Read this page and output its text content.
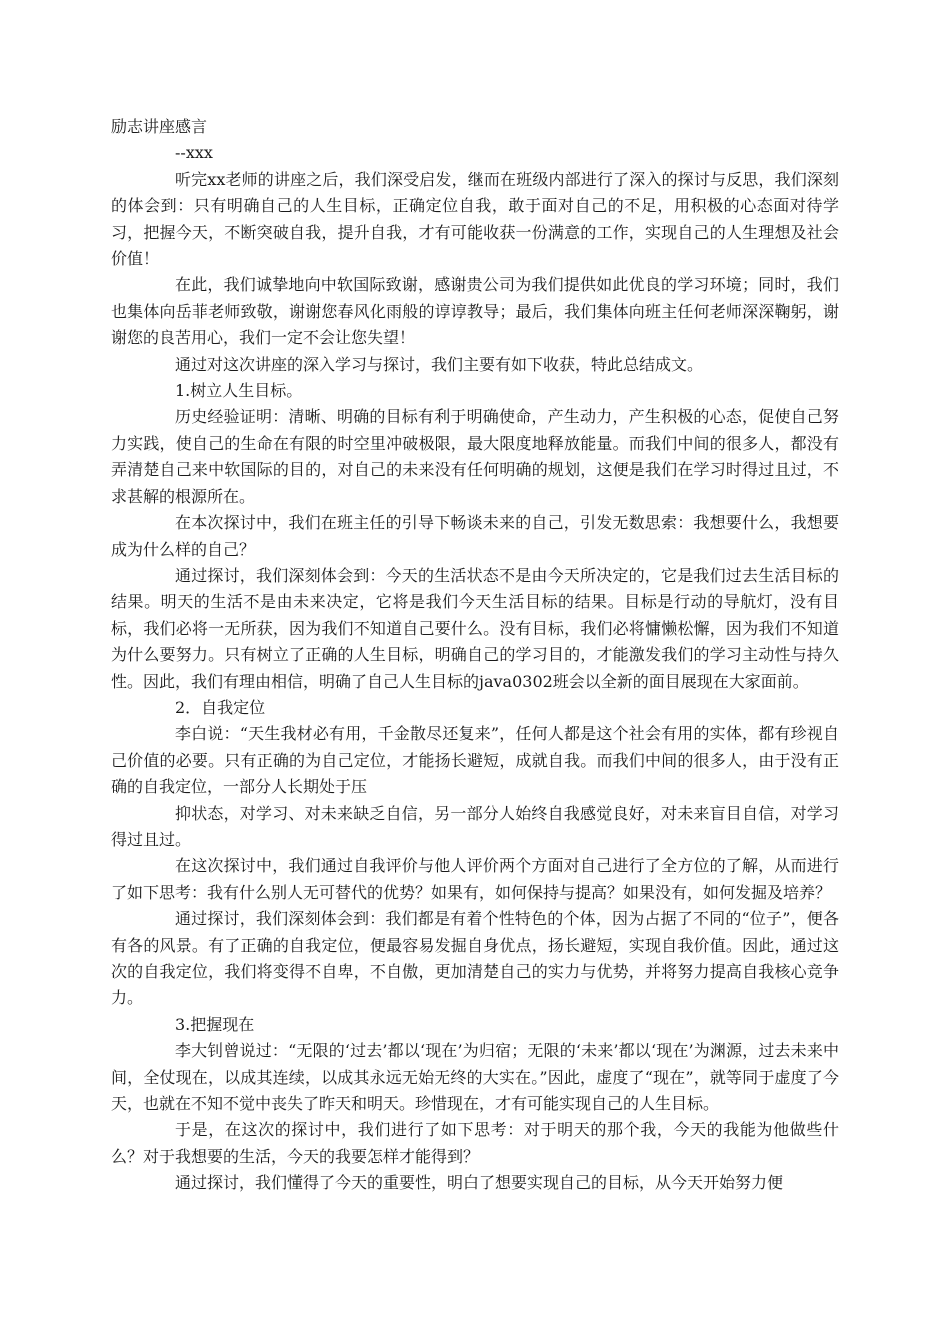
励志讲座感言

--xxx

听完xx老师的讲座之后，我们深受启发，继而在班级内部进行了深入的探讨与反思，我们深刻的体会到：只有明确自己的人生目标，正确定位自我，敢于面对自己的不足，用积极的心态面对待学习，把握今天，不断突破自我，提升自我，才有可能收获一份满意的工作，实现自己的人生理想及社会价值！

在此，我们诚挚地向中软国际致谢，感谢贵公司为我们提供如此优良的学习环境；同时，我们也集体向岳菲老师致敬，谢谢您春风化雨般的谆谆教导；最后，我们集体向班主任何老师深深鞠躬，谢谢您的良苦用心，我们一定不会让您失望！

通过对这次讲座的深入学习与探讨，我们主要有如下收获，特此总结成文。

1.树立人生目标。

历史经验证明：清晰、明确的目标有利于明确使命，产生动力，产生积极的心态，促使自己努力实践，使自己的生命在有限的时空里冲破极限，最大限度地释放能量。而我们中间的很多人，都没有弄清楚自己来中软国际的目的，对自己的未来没有任何明确的规划，这便是我们在学习时得过且过，不求甚解的根源所在。

在本次探讨中，我们在班主任的引导下畅谈未来的自己，引发无数思索：我想要什么，我想要成为什么样的自己？

通过探讨，我们深刻体会到：今天的生活状态不是由今天所决定的，它是我们过去生活目标的结果。明天的生活不是由未来决定，它将是我们今天生活目标的结果。目标是行动的导航灯，没有目标，我们必将一无所获，因为我们不知道自己要什么。没有目标，我们必将慵懒松懈，因为我们不知道为什么要努力。只有树立了正确的人生目标，明确自己的学习目的，才能激发我们的学习主动性与持久性。因此，我们有理由相信，明确了自己人生目标的java0302班会以全新的面目展现在大家面前。

2．自我定位

李白说：“天生我材必有用，千金散尽还复来”，任何人都是这个社会有用的实体，都有珍视自己价值的必要。只有正确的为自己定位，才能扬长避短，成就自我。而我们中间的很多人，由于没有正确的自我定位，一部分人长期处于压

抑状态，对学习、对未来缺乏自信，另一部分人始终自我感觉良好，对未来盲目自信，对学习得过且过。

在这次探讨中，我们通过自我评价与他人评价两个方面对自己进行了全方位的了解，从而进行了如下思考：我有什么别人无可替代的优势？如果有，如何保持与提高？如果没有，如何发掘及培养？

通过探讨，我们深刻体会到：我们都是有着个性特色的个体，因为占据了不同的“位子”，便各有各的风景。有了正确的自我定位，便最容易发掘自身优点，扬长避短，实现自我价值。因此，通过这次的自我定位，我们将变得不自卑，不自傲，更加清楚自己的实力与优势，并将努力提高自我核心竞争力。

3.把握现在

李大钊曾说过：“无限的‘过去’都以‘现在’为归宿；无限的‘未来’都以‘现在’为渊源，过去未来中间，全仗现在，以成其连续，以成其永远无始无终的大实在。”因此，虚度了“现在”，就等同于虚度了今天，也就在不知不觉中丧失了昨天和明天。珍惜现在，才有可能实现自己的人生目标。

于是，在这次的探讨中，我们进行了如下思考：对于明天的那个我，今天的我能为他做些什么？对于我想要的生活，今天的我要怎样才能得到？

通过探讨，我们懂得了今天的重要性，明白了想要实现自己的目标，从今天开始努力便
